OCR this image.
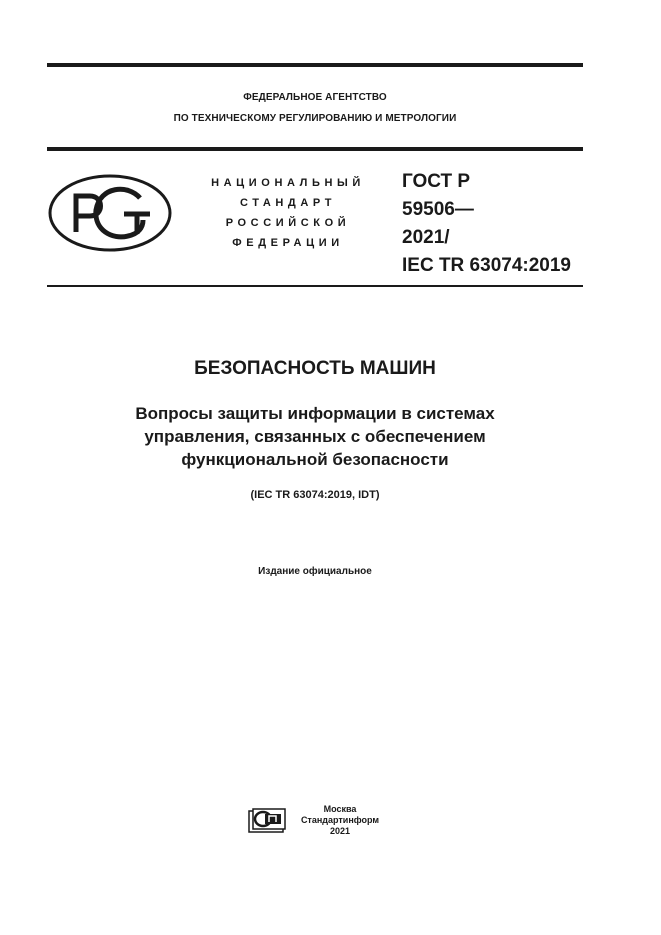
ФЕДЕРАЛЬНОЕ АГЕНТСТВО
ПО ТЕХНИЧЕСКОМУ РЕГУЛИРОВАНИЮ И МЕТРОЛОГИИ
НАЦИОНАЛЬНЫЙ
СТАНДАРТ
РОССИЙСКОЙ
ФЕДЕРАЦИИ
ГОСТ Р
59506—
2021/
IEC TR 63074:2019
БЕЗОПАСНОСТЬ МАШИН
Вопросы защиты информации в системах
управления, связанных с обеспечением
функциональной безопасности
(IEC TR 63074:2019, IDT)
Издание официальное
Москва
Стандартинформ
2021
